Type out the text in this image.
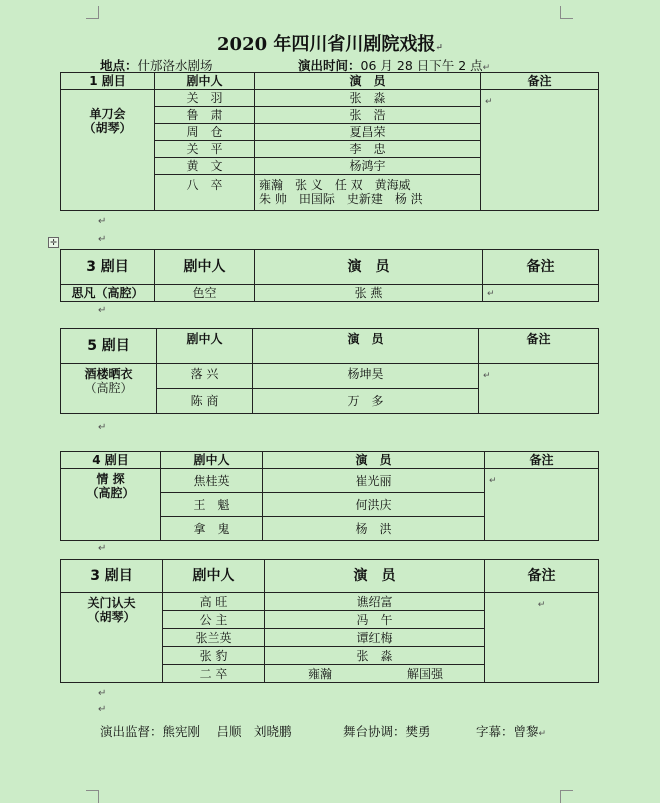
2020 年四川省川剧院戏报↵
地点：什邡洛水剧场	演出时间：06 月 28 日下午 2 点↵
1 剧目	剧中人	演　员	备注

单刀会
（胡琴）	关　羽	张　淼	↵
	鲁　肃	张　浩	
	周　仓	夏昌荣	
	关　平	李　忠	
	黄　文	杨鸿宇	
	八　卒	雍瀚　张 义　任 双　黄海威
朱 帅　田国际　史新建　杨 洪	
↵
✛	↵
3 剧目	剧中人	演　员	备注
思凡（高腔）	色空	张 燕	↵
↵
5 剧目	剧中人	演　员	备注

酒楼晒衣
（高腔）	落 兴	杨坤昊	↵
	陈 商	万　多	
↵
4 剧目	剧中人	演　员	备注

情 探
（高腔）	焦桂英	崔光丽	↵
	王　魁	何洪庆	
	拿　鬼	杨　洪	
↵
3 剧目	剧中人	演　员	备注

关门认夫
（胡琴）	高 旺	谯绍富	↵
	公 主	冯　午	
	张兰英	谭红梅	
	张 豹	张　淼	
	二 卒	雍瀚 解国强	
↵
↵
演出监督：熊宪刚　 吕顺　刘晓鹏	舞台协调：樊勇	字幕：曾黎↵
